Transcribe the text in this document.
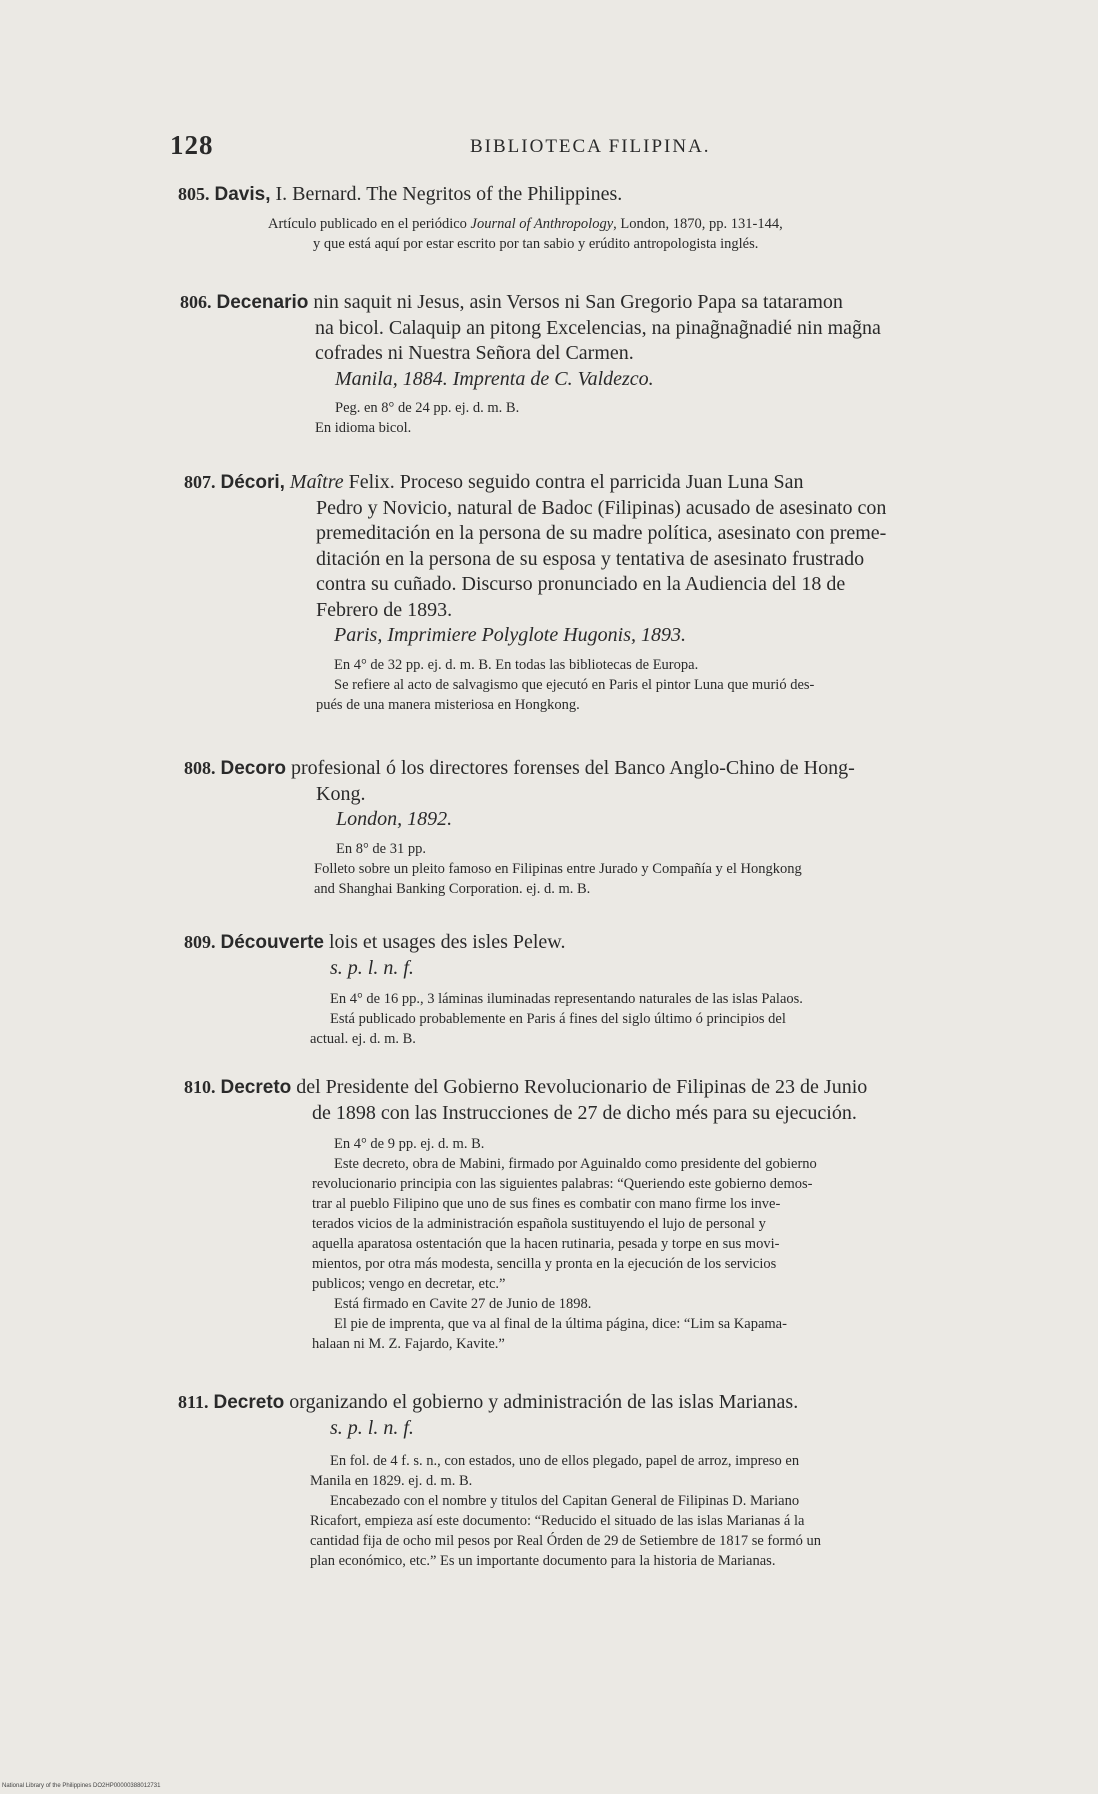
128	BIBLIOTECA FILIPINA.
805. Davis, I. Bernard. The Negritos of the Philippines.
Artículo publicado en el periódico Journal of Anthropology, London, 1870, pp. 131-144,
y que está aquí por estar escrito por tan sabio y erúdito antropologista inglés.
806. Decenario nin saquit ni Jesus, asin Versos ni San Gregorio Papa sa tataramon
na bicol. Calaquip an pitong Excelencias, na pinag̃nag̃nadié nin mag̃na
cofrades ni Nuestra Señora del Carmen.
Manila, 1884. Imprenta de C. Valdezco.
Peg. en 8° de 24 pp. ej. d. m. B.
En idioma bicol.
807. Décori, Maître Felix. Proceso seguido contra el parricida Juan Luna San
Pedro y Novicio, natural de Badoc (Filipinas) acusado de asesinato con
premeditación en la persona de su madre política, asesinato con preme-
ditación en la persona de su esposa y tentativa de asesinato frustrado
contra su cuñado. Discurso pronunciado en la Audiencia del 18 de
Febrero de 1893.
Paris, Imprimiere Polyglote Hugonis, 1893.
En 4° de 32 pp. ej. d. m. B. En todas las bibliotecas de Europa.
Se refiere al acto de salvagismo que ejecutó en Paris el pintor Luna que murió des-
pués de una manera misteriosa en Hongkong.
808. Decoro profesional ó los directores forenses del Banco Anglo-Chino de Hong-
Kong.
London, 1892.
En 8° de 31 pp.
Folleto sobre un pleito famoso en Filipinas entre Jurado y Compañía y el Hongkong
and Shanghai Banking Corporation. ej. d. m. B.
809. Découverte lois et usages des isles Pelew.
s. p. l. n. f.
En 4° de 16 pp., 3 láminas iluminadas representando naturales de las islas Palaos.
Está publicado probablemente en Paris á fines del siglo último ó principios del
actual. ej. d. m. B.
810. Decreto del Presidente del Gobierno Revolucionario de Filipinas de 23 de Junio
de 1898 con las Instrucciones de 27 de dicho més para su ejecución.
En 4° de 9 pp. ej. d. m. B.
Este decreto, obra de Mabini, firmado por Aguinaldo como presidente del gobierno
revolucionario principia con las siguientes palabras: “Queriendo este gobierno demos-
trar al pueblo Filipino que uno de sus fines es combatir con mano firme los inve-
terados vicios de la administración española sustituyendo el lujo de personal y
aquella aparatosa ostentación que la hacen rutinaria, pesada y torpe en sus movi-
mientos, por otra más modesta, sencilla y pronta en la ejecución de los servicios
publicos; vengo en decretar, etc.”
Está firmado en Cavite 27 de Junio de 1898.
El pie de imprenta, que va al final de la última página, dice: “Lim sa Kapama-
halaan ni M. Z. Fajardo, Kavite.”
811. Decreto organizando el gobierno y administración de las islas Marianas.
s. p. l. n. f.
En fol. de 4 f. s. n., con estados, uno de ellos plegado, papel de arroz, impreso en
Manila en 1829. ej. d. m. B.
Encabezado con el nombre y titulos del Capitan General de Filipinas D. Mariano
Ricafort, empieza así este documento: “Reducido el situado de las islas Marianas á la
cantidad fija de ocho mil pesos por Real Órden de 29 de Setiembre de 1817 se formó un
plan económico, etc.” Es un importante documento para la historia de Marianas.
National Library of the Philippines DO2HP00000388012731
